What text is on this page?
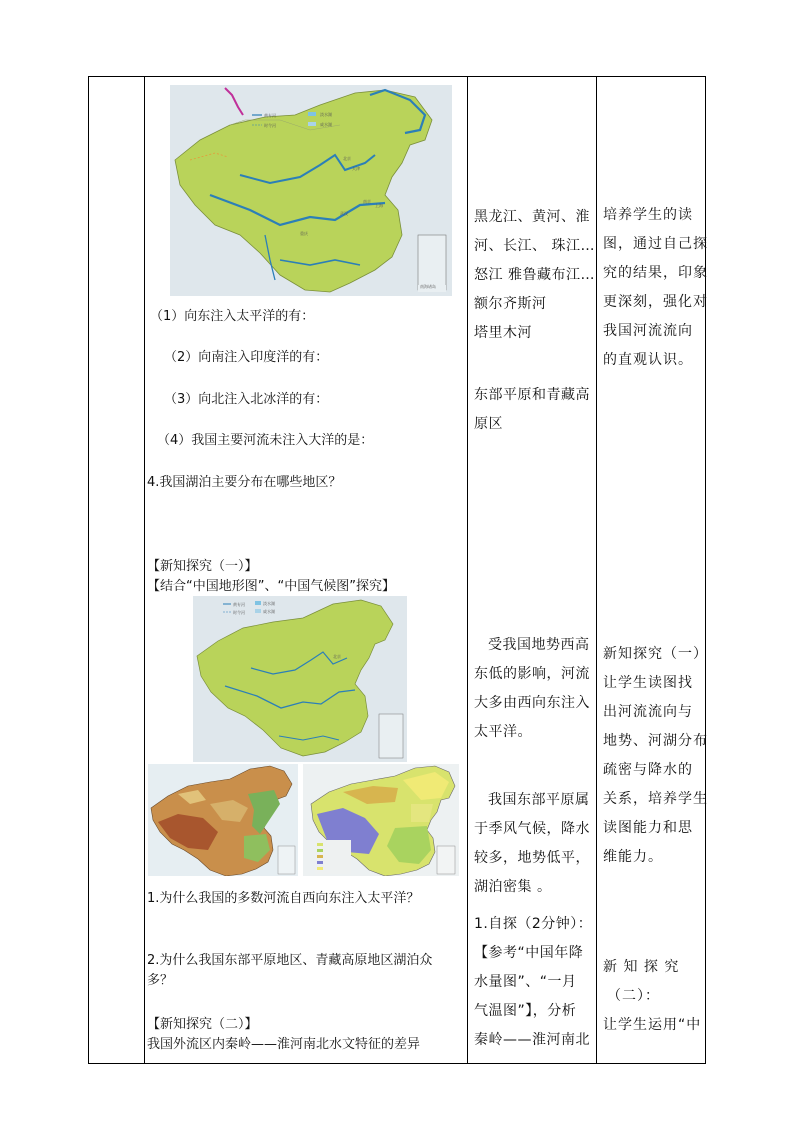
黄专河
时令河
淡水湖
咸水湖
北京
天津
上海
武汉
南京
重庆
南海诸岛
（1）向东注入太平洋的有：
（2）向南注入印度洋的有：
（3）向北注入北冰洋的有：
（4）我国主要河流未注入大洋的是：
4.我国湖泊主要分布在哪些地区？
【新知探究（一）】
【结合“中国地形图”、“中国气候图”探究】
黄专河
时令河
淡水湖
咸水湖
北京
1.为什么我国的多数河流自西向东注入太平洋？
2.为什么我国东部平原地区、青藏高原地区湖泊众
多？
【新知探究（二）】
我国外流区内秦岭——淮河南北水文特征的差异
黑龙江、黄河、淮
河、长江、 珠江…
怒江 雅鲁藏布江…
额尔齐斯河
塔里木河
东部平原和青藏高
原区
受我国地势西高
东低的影响，河流
大多由西向东注入
太平洋。
我国东部平原属
于季风气候，降水
较多，地势低平，
湖泊密集 。
1.自探（2分钟）：
【参考“中国年降
水量图”、“一月
气温图”】，分析
秦岭——淮河南北
培养学生的读
图，通过自己探
究的结果，印象
更深刻，强化对
我国河流流向
的直观认识。
新知探究（一）
让学生读图找
出河流流向与
地势、河湖分布
疏密与降水的
关系，培养学生
读图能力和思
维能力。
新 知 探 究
（二）：
让学生运用“中
